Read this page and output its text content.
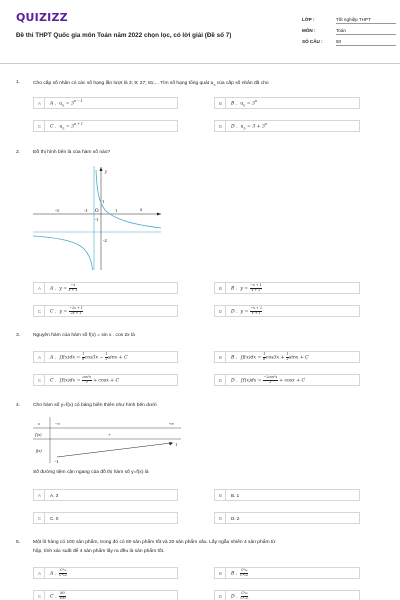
QUIZIZZ
Đề thi THPT Quốc gia môn Toán năm 2022 chọn lọc, có lời giải (Đề số 7)
LỚP :	Tốt nghiệp THPT
MÔN :	Toán
SỐ CÂU :	50
1.	Cho cấp số nhân có các số hạng lần lượt là 3; 9; 27; 81;... Tìm số hạng tổng quát $u_n$ của cấp số nhân đã cho
A	A .  $u_n = 3^{n - 1}$	B	B .  $u_n = 3^n$
C	C .  $u_n = 3^{n + 1}$	D	D .  $u_n = 3 + 3^n$
2.	Đồ thị hình bên là của hàm số nào?
y
x
O
1
-1
-3	1
-1
-2
A	A . $y = \frac{-x}{x + 1}$	B	B . $y = \frac{-x + 1}{x + 1}$
C	C . $y = \frac{-2x + 1}{2x + 1}$	D	D . $y = \frac{-x + 2}{x + 1}$
3.	Nguyên hàm của hàm số f(x) = sin x . cos 2x là
A	A . $\int f(x)dx = \frac{1}{6} \cos 3x - \frac{1}{2}$ sinx + C	B	B . $\int f(x)dx = \frac{1}{6} \cos 3x + \frac{1}{2}$ sinx + C
C	C . $\int f(x)dx = \frac{\text{cos³x}}{3} + \cos x + C$	D	D . $\int f(x)dx = \frac{\text{−2cos³x}}{3} + \cos x + C$
4.	Cho hàm số y=f(x) có bảng biến thiên như hình bên dưới
x	−∞	+∞
f'(x)	+
f(x)
1
−1
Số đường tiệm cận ngang của đồ thị hàm số y=f(x) là
A	A. 3	B	B. 1
C	C. 0	D	D. 2
5.	Một lô hàng có 100 sản phẩm, trong đó có 80 sản phẩm tốt và 20 sản phẩm xấu. Lấy ngẫu nhiên 4 sản phẩm từ
hộp, tính xác suất để 4 sản phẩm lấy ra đều là sản phẩm tốt.
A	A . $\frac{\text{C⁴₂₀}}{\text{C⁴₁₀₀}}$	B	B . $\frac{\text{C⁴₈₀}}{\text{C⁴₁₀₀}}$
C	C . $\frac{80}{100}$	D	D . $\frac{\text{C⁴₈₀}}{\text{C⁴₁₀₀}}$
